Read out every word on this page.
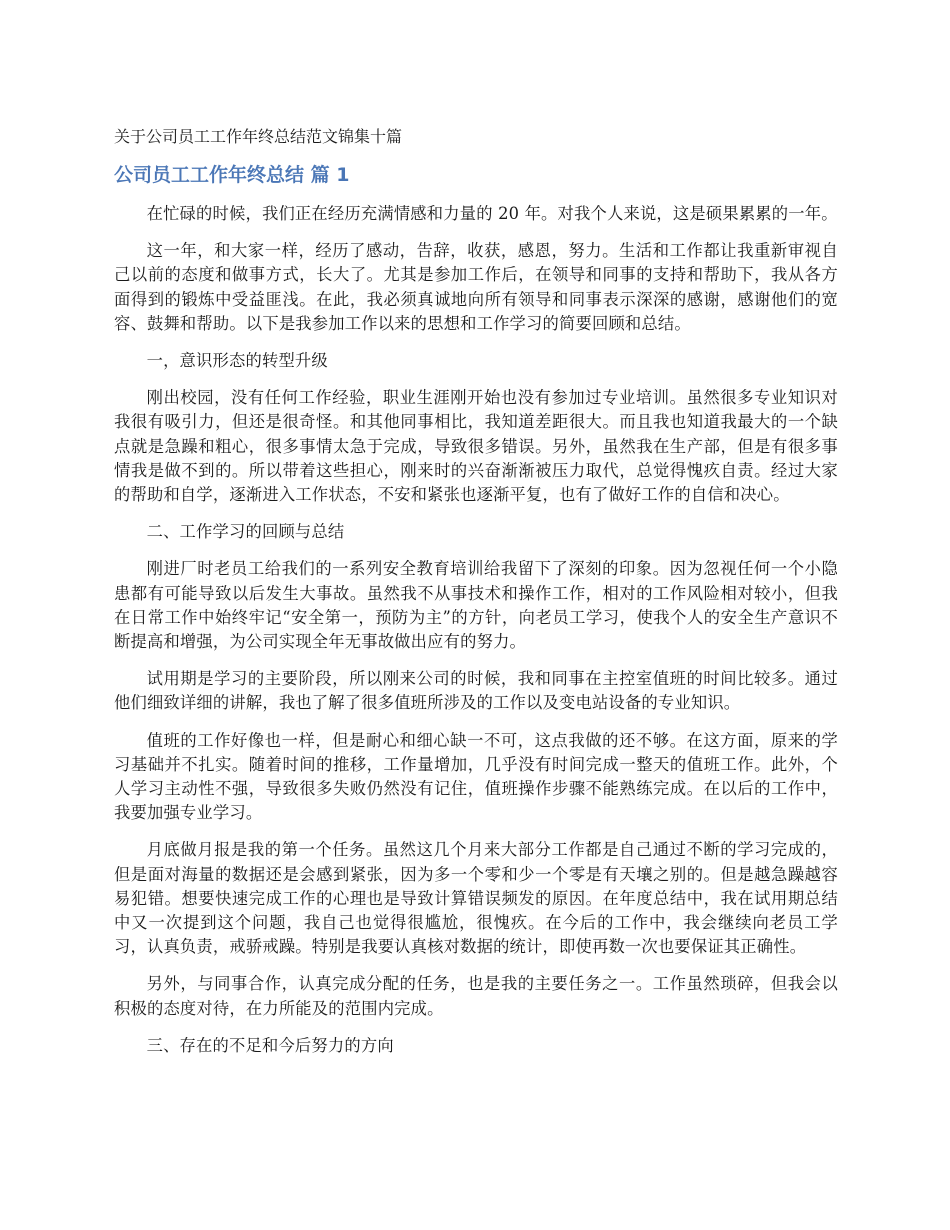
关于公司员工工作年终总结范文锦集十篇
公司员工工作年终总结 篇 1

在忙碌的时候，我们正在经历充满情感和力量的 20 年。对我个人来说，这是硕果累累的一年。

这一年，和大家一样，经历了感动，告辞，收获，感恩，努力。生活和工作都让我重新审视自己以前的态度和做事方式，长大了。尤其是参加工作后，在领导和同事的支持和帮助下，我从各方面得到的锻炼中受益匪浅。在此，我必须真诚地向所有领导和同事表示深深的感谢，感谢他们的宽容、鼓舞和帮助。以下是我参加工作以来的思想和工作学习的简要回顾和总结。

一，意识形态的转型升级

刚出校园，没有任何工作经验，职业生涯刚开始也没有参加过专业培训。虽然很多专业知识对我很有吸引力，但还是很奇怪。和其他同事相比，我知道差距很大。而且我也知道我最大的一个缺点就是急躁和粗心，很多事情太急于完成，导致很多错误。另外，虽然我在生产部，但是有很多事情我是做不到的。所以带着这些担心，刚来时的兴奋渐渐被压力取代，总觉得愧疚自责。经过大家的帮助和自学，逐渐进入工作状态，不安和紧张也逐渐平复，也有了做好工作的自信和决心。

二、工作学习的回顾与总结

刚进厂时老员工给我们的一系列安全教育培训给我留下了深刻的印象。因为忽视任何一个小隐患都有可能导致以后发生大事故。虽然我不从事技术和操作工作，相对的工作风险相对较小，但我在日常工作中始终牢记“安全第一，预防为主”的方针，向老员工学习，使我个人的安全生产意识不断提高和增强，为公司实现全年无事故做出应有的努力。

试用期是学习的主要阶段，所以刚来公司的时候，我和同事在主控室值班的时间比较多。通过他们细致详细的讲解，我也了解了很多值班所涉及的工作以及变电站设备的专业知识。

值班的工作好像也一样，但是耐心和细心缺一不可，这点我做的还不够。在这方面，原来的学习基础并不扎实。随着时间的推移，工作量增加，几乎没有时间完成一整天的值班工作。此外，个人学习主动性不强，导致很多失败仍然没有记住，值班操作步骤不能熟练完成。在以后的工作中，我要加强专业学习。

月底做月报是我的第一个任务。虽然这几个月来大部分工作都是自己通过不断的学习完成的，但是面对海量的数据还是会感到紧张，因为多一个零和少一个零是有天壤之别的。但是越急躁越容易犯错。想要快速完成工作的心理也是导致计算错误频发的原因。在年度总结中，我在试用期总结中又一次提到这个问题，我自己也觉得很尴尬，很愧疚。在今后的工作中，我会继续向老员工学习，认真负责，戒骄戒躁。特别是我要认真核对数据的统计，即使再数一次也要保证其正确性。

另外，与同事合作，认真完成分配的任务，也是我的主要任务之一。工作虽然琐碎，但我会以积极的态度对待，在力所能及的范围内完成。

三、存在的不足和今后努力的方向
